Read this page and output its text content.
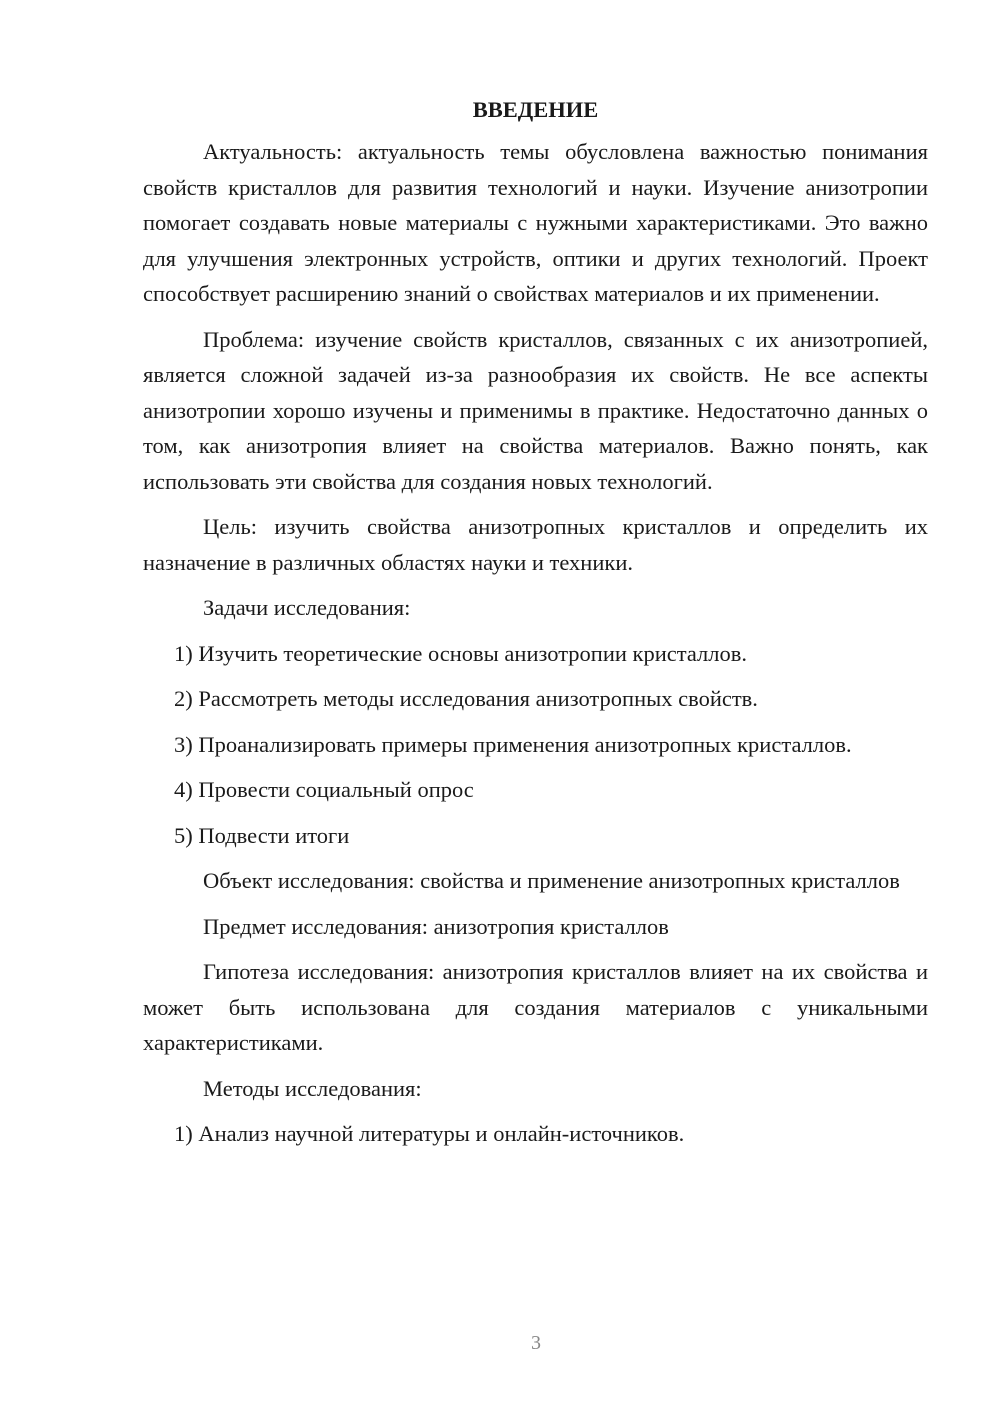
ВВЕДЕНИЕ

Актуальность: актуальность темы обусловлена важностью понимания свойств кристаллов для развития технологий и науки. Изучение анизотропии помогает создавать новые материалы с нужными характеристиками. Это важно для улучшения электронных устройств, оптики и других технологий. Проект способствует расширению знаний о свойствах материалов и их применении.

Проблема: изучение свойств кристаллов, связанных с их анизотропией, является сложной задачей из-за разнообразия их свойств. Не все аспекты анизотропии хорошо изучены и применимы в практике. Недостаточно данных о том, как анизотропия влияет на свойства материалов. Важно понять, как использовать эти свойства для создания новых технологий.

Цель: изучить свойства анизотропных кристаллов и определить их назначение в различных областях науки и техники.

Задачи исследования:

1) Изучить теоретические основы анизотропии кристаллов.

2) Рассмотреть методы исследования анизотропных свойств.

3) Проанализировать примеры применения анизотропных кристаллов.

4) Провести социальный опрос

5) Подвести итоги

Объект исследования: свойства и применение анизотропных кристаллов

Предмет исследования: анизотропия кристаллов

Гипотеза исследования: анизотропия кристаллов влияет на их свойства и может быть использована для создания материалов с уникальными характеристиками.

Методы исследования:

1) Анализ научной литературы и онлайн-источников.

3
